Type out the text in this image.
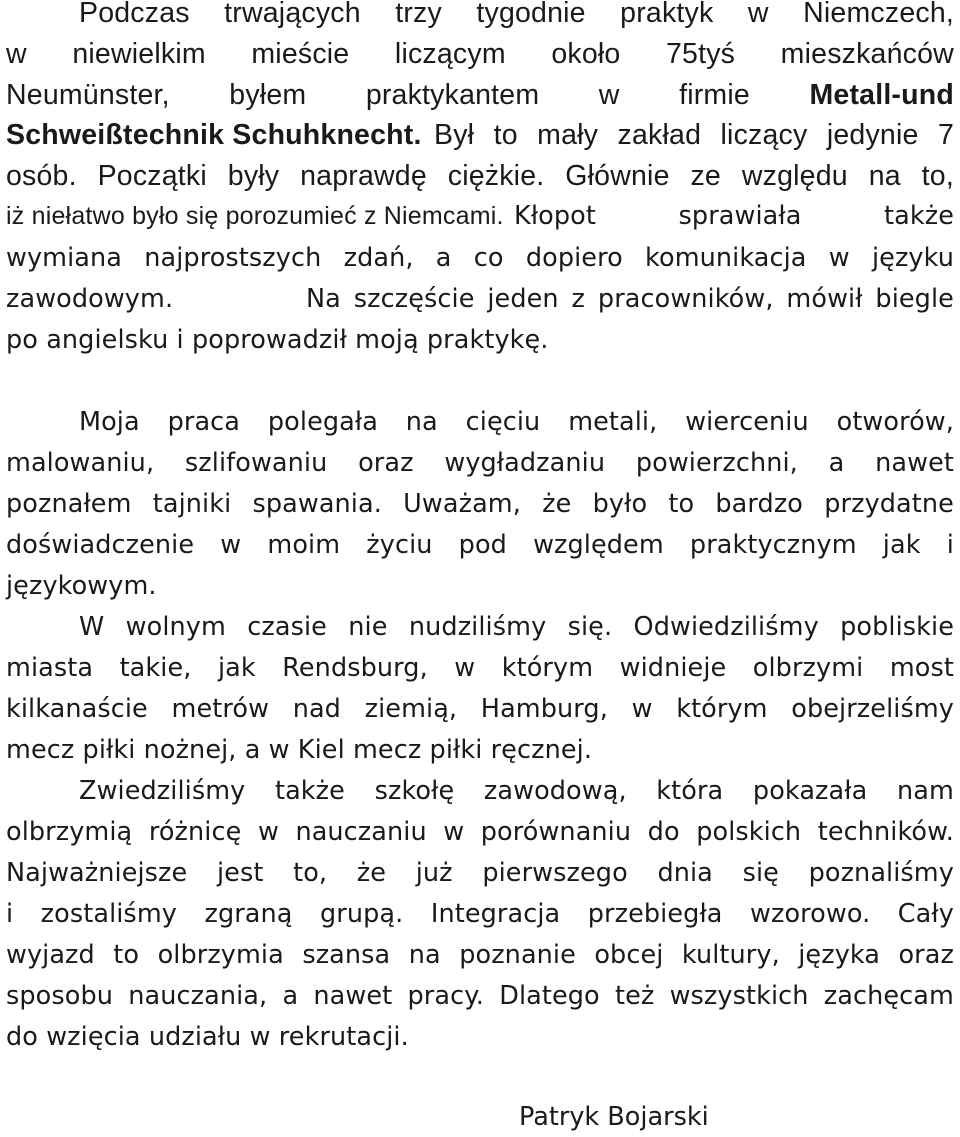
Podczas trwających trzy tygodnie praktyk w Niemczech,
w niewielkim mieście liczącym około 75tyś mieszkańców
Neumünster, byłem praktykantem w firmie Metall-und
Schweißtechnik Schuhknecht. Był to mały zakład liczący jedynie 7
osób. Początki były naprawdę ciężkie. Głównie ze względu na to,
iż niełatwo było się porozumieć z Niemcami. Kłopot	sprawiała	także
wymiana najprostszych zdań, a co dopiero komunikacja w języku
zawodowym.	Na szczęście jeden z pracowników, mówił biegle
po angielsku i poprowadził moją praktykę.
Moja praca polegała na cięciu metali, wierceniu otworów,
malowaniu, szlifowaniu oraz wygładzaniu powierzchni, a nawet
poznałem tajniki spawania. Uważam, że było to bardzo przydatne
doświadczenie w moim życiu pod względem praktycznym jak i
językowym.
W wolnym czasie nie nudziliśmy się. Odwiedziliśmy pobliskie
miasta takie, jak Rendsburg, w którym widnieje olbrzymi most
kilkanaście metrów nad ziemią, Hamburg, w którym obejrzeliśmy
mecz piłki nożnej, a w Kiel mecz piłki ręcznej.
Zwiedziliśmy także szkołę zawodową, która pokazała nam
olbrzymią różnicę w nauczaniu w porównaniu do polskich techników.
Najważniejsze jest to, że już pierwszego dnia się poznaliśmy
i zostaliśmy zgraną grupą. Integracja przebiegła wzorowo. Cały
wyjazd to olbrzymia szansa na poznanie obcej kultury, języka oraz
sposobu nauczania, a nawet pracy. Dlatego też wszystkich zachęcam
do wzięcia udziału w rekrutacji.
Patryk Bojarski
